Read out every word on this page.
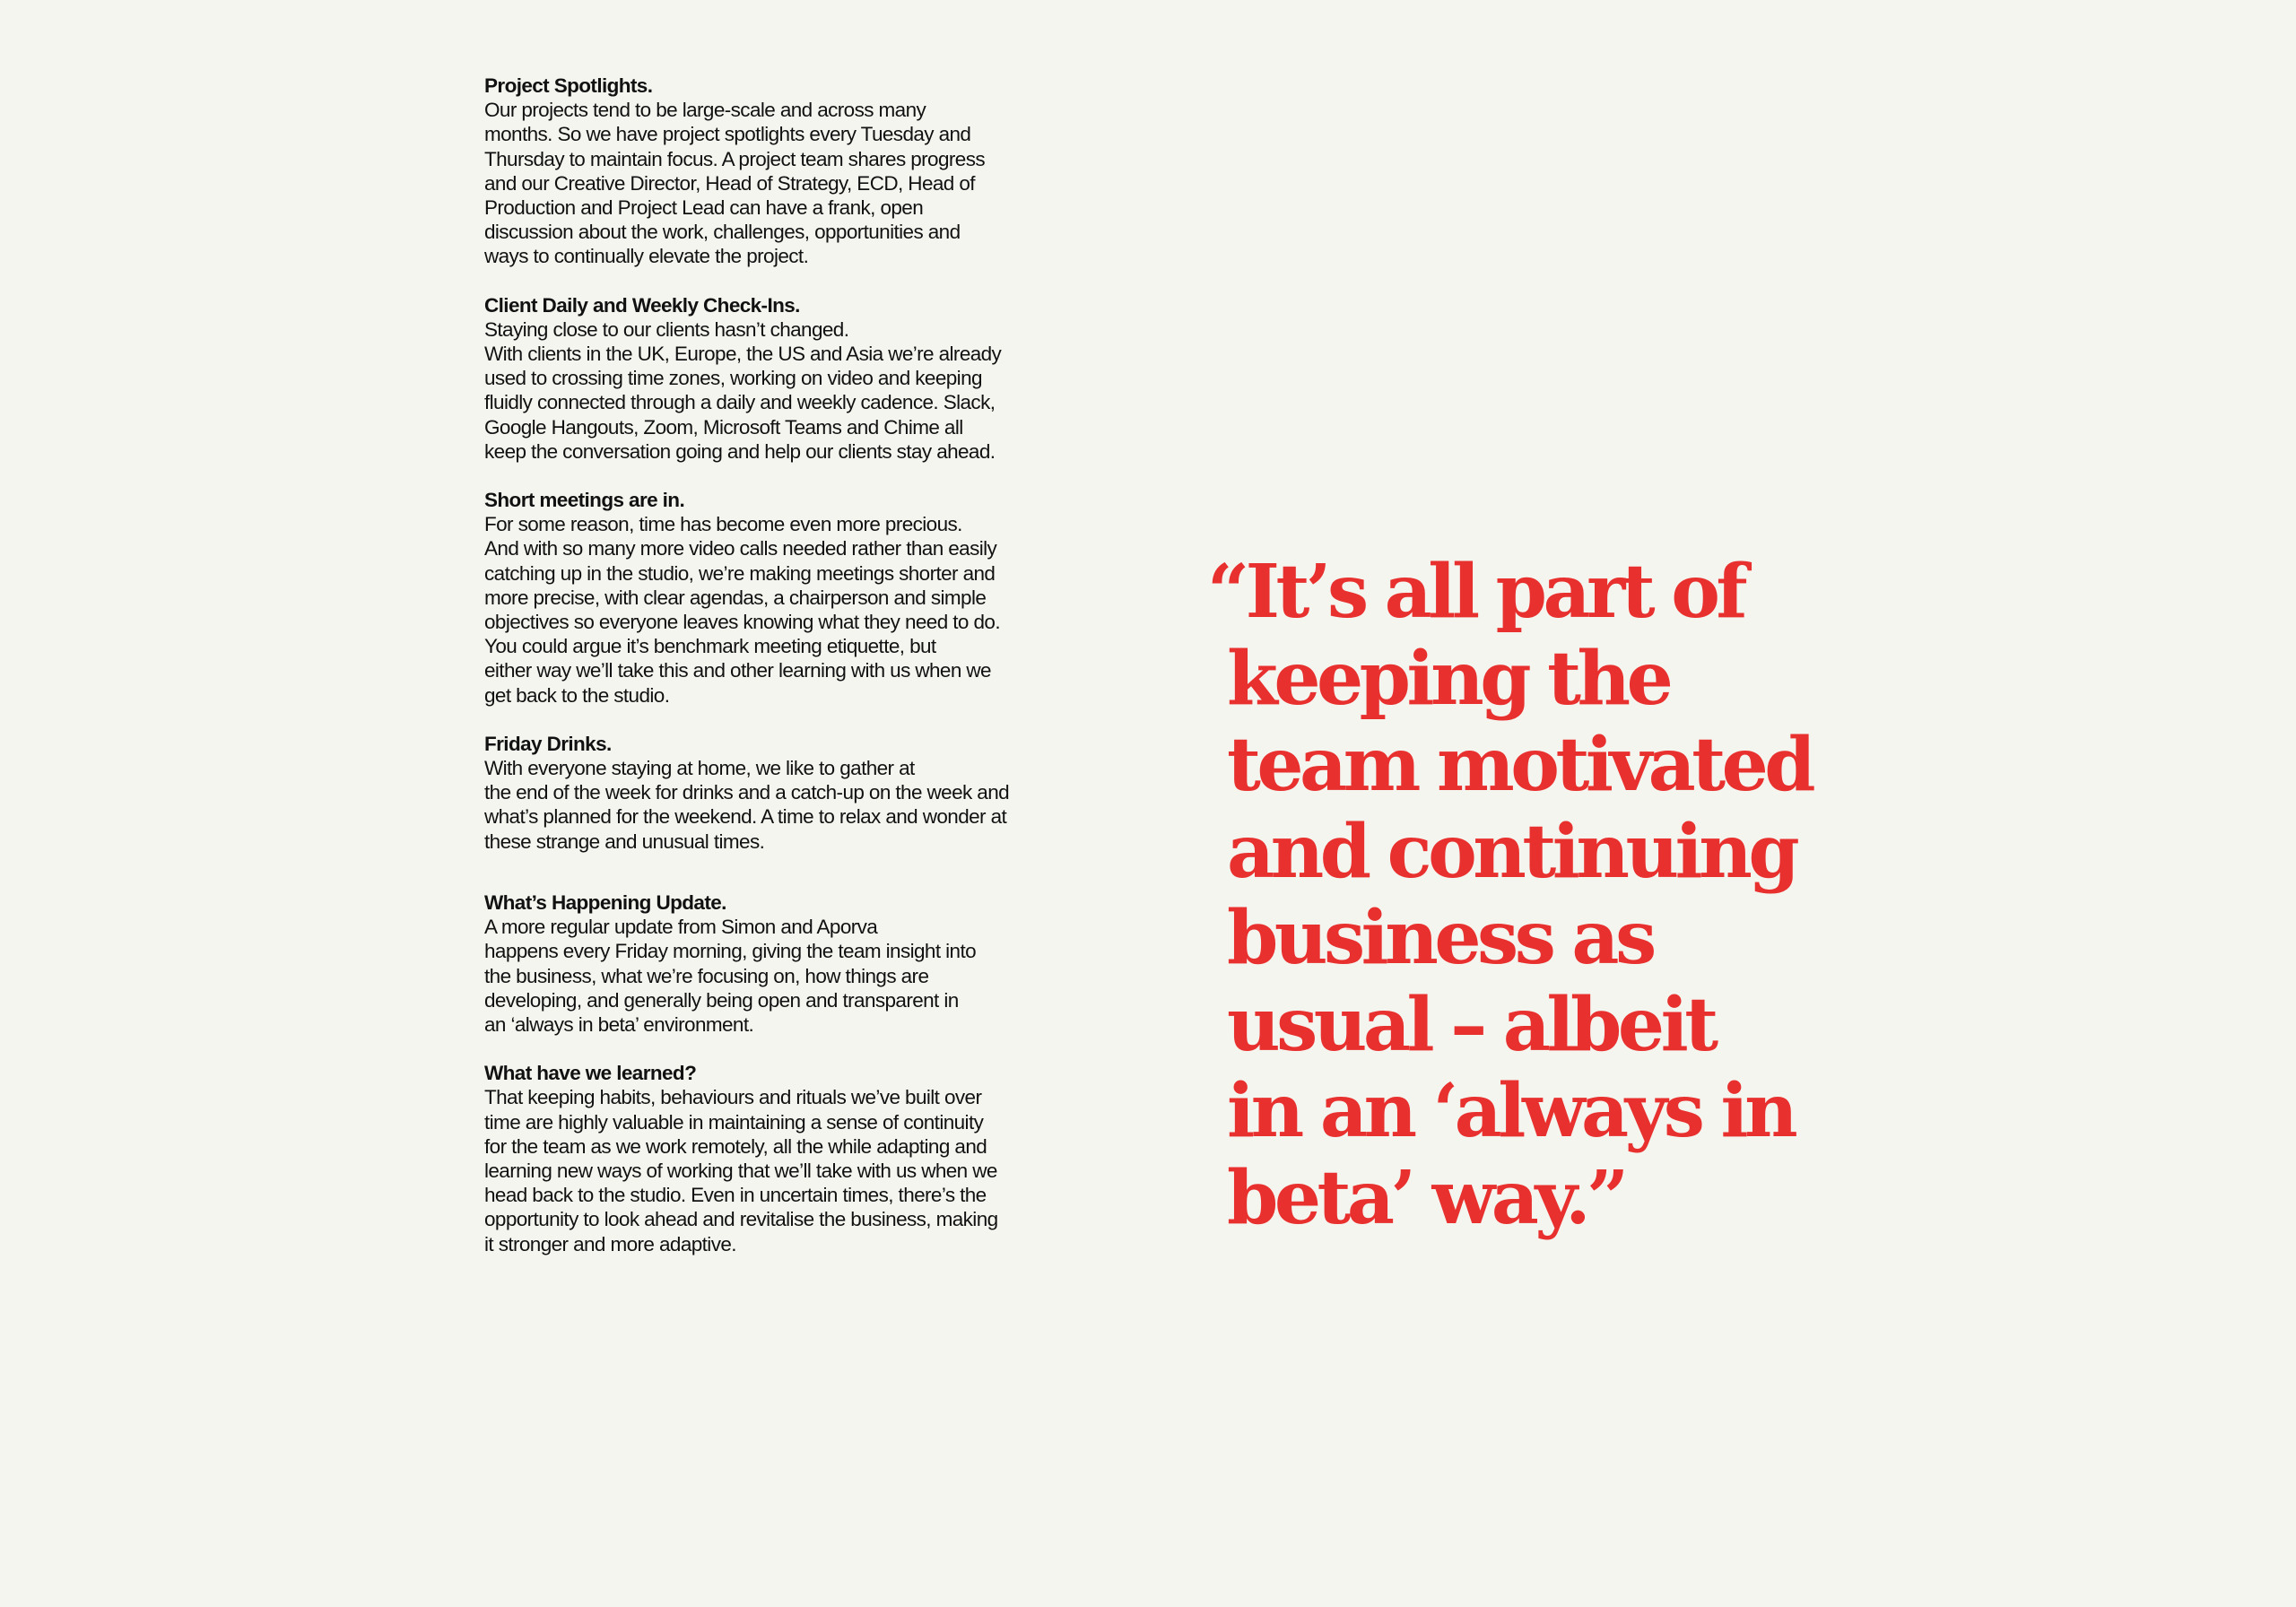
Project Spotlights.
Our projects tend to be large-scale and across many
months. So we have project spotlights every Tuesday and
Thursday to maintain focus. A project team shares progress
and our Creative Director, Head of Strategy, ECD, Head of
Production and Project Lead can have a frank, open
discussion about the work, challenges, opportunities and
ways to continually elevate the project.
Client Daily and Weekly Check-Ins.
Staying close to our clients hasn’t changed.
With clients in the UK, Europe, the US and Asia we’re already
used to crossing time zones, working on video and keeping
fluidly connected through a daily and weekly cadence. Slack,
Google Hangouts, Zoom, Microsoft Teams and Chime all
keep the conversation going and help our clients stay ahead.
Short meetings are in.
For some reason, time has become even more precious.
And with so many more video calls needed rather than easily
catching up in the studio, we’re making meetings shorter and
more precise, with clear agendas, a chairperson and simple
objectives so everyone leaves knowing what they need to do.
You could argue it’s benchmark meeting etiquette, but
either way we’ll take this and other learning with us when we
get back to the studio.
Friday Drinks.
With everyone staying at home, we like to gather at
the end of the week for drinks and a catch-up on the week and
what’s planned for the weekend. A time to relax and wonder at
these strange and unusual times.
What’s Happening Update.
A more regular update from Simon and Aporva
happens every Friday morning, giving the team insight into
the business, what we’re focusing on, how things are
developing, and generally being open and transparent in
an ‘always in beta’ environment.
What have we learned?
That keeping habits, behaviours and rituals we’ve built over
time are highly valuable in maintaining a sense of continuity
for the team as we work remotely, all the while adapting and
learning new ways of working that we’ll take with us when we
head back to the studio. Even in uncertain times, there’s the
opportunity to look ahead and revitalise the business, making
it stronger and more adaptive.
“It’s all part of
keeping the
team motivated
and continuing
business as
usual – albeit
in an ‘always in
beta’ way.”
